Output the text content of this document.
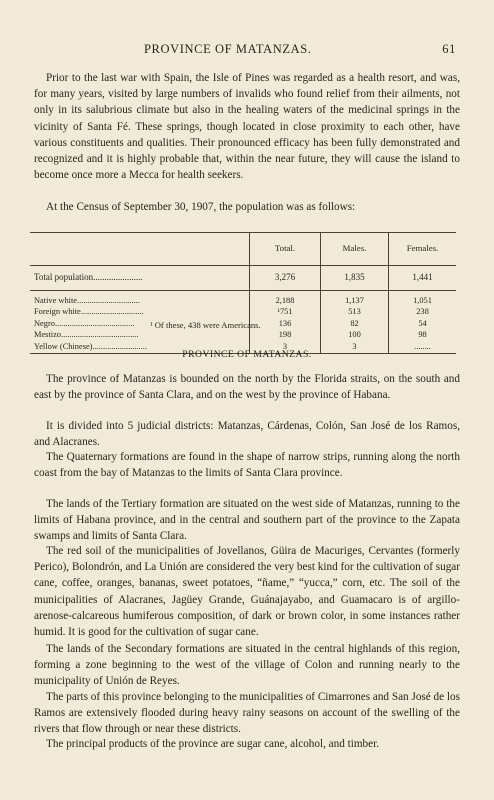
PROVINCE OF MATANZAS.	61

Prior to the last war with Spain, the Isle of Pines was regarded as a health resort, and was, for many years, visited by large numbers of invalids who found relief from their ailments, not only in its salubrious climate but also in the healing waters of the medicinal springs in the vicinity of Santa Fé. These springs, though located in close proximity to each other, have various constituents and qualities. Their pronounced efficacy has been fully demonstrated and recognized and it is highly probable that, within the near future, they will cause the island to become once more a Mecca for health seekers.

At the Census of September 30, 1907, the population was as follows:

	Total.	Males.	Females.
Total population......................	3,276	1,835	1,441
Native white..............................	2,188	1,137	1,051
Foreign white..............................	¹751	513	238
Negro......................................	136	82	54
Mestizo.....................................	198	100	98
Yellow (Chinese)..........................	3	3	........
¹ Of these, 438 were Americans.
PROVINCE OF MATANZAS.

The province of Matanzas is bounded on the north by the Florida straits, on the south and east by the province of Santa Clara, and on the west by the province of Habana.

It is divided into 5 judicial districts: Matanzas, Cárdenas, Colón, San José de los Ramos, and Alacranes.

The Quaternary formations are found in the shape of narrow strips, running along the north coast from the bay of Matanzas to the limits of Santa Clara province.

The lands of the Tertiary formation are situated on the west side of Matanzas, running to the limits of Habana province, and in the central and southern part of the province to the Zapata swamps and limits of Santa Clara.

The red soil of the municipalities of Jovellanos, Güira de Macuriges, Cervantes (formerly Perico), Bolondrón, and La Unión are considered the very best kind for the cultivation of sugar cane, coffee, oranges, bananas, sweet potatoes, “ñame,” “yucca,” corn, etc. The soil of the municipalities of Alacranes, Jagüey Grande, Guánajayabo, and Guamacaro is of argillo-arenose-calcareous humiferous composition, of dark or brown color, in some instances rather humid. It is good for the cultivation of sugar cane.

The lands of the Secondary formations are situated in the central highlands of this region, forming a zone beginning to the west of the village of Colon and running nearly to the municipality of Unión de Reyes.

The parts of this province belonging to the municipalities of Cimarrones and San José de los Ramos are extensively flooded during heavy rainy seasons on account of the swelling of the rivers that flow through or near these districts.

The principal products of the province are sugar cane, alcohol, and timber.
